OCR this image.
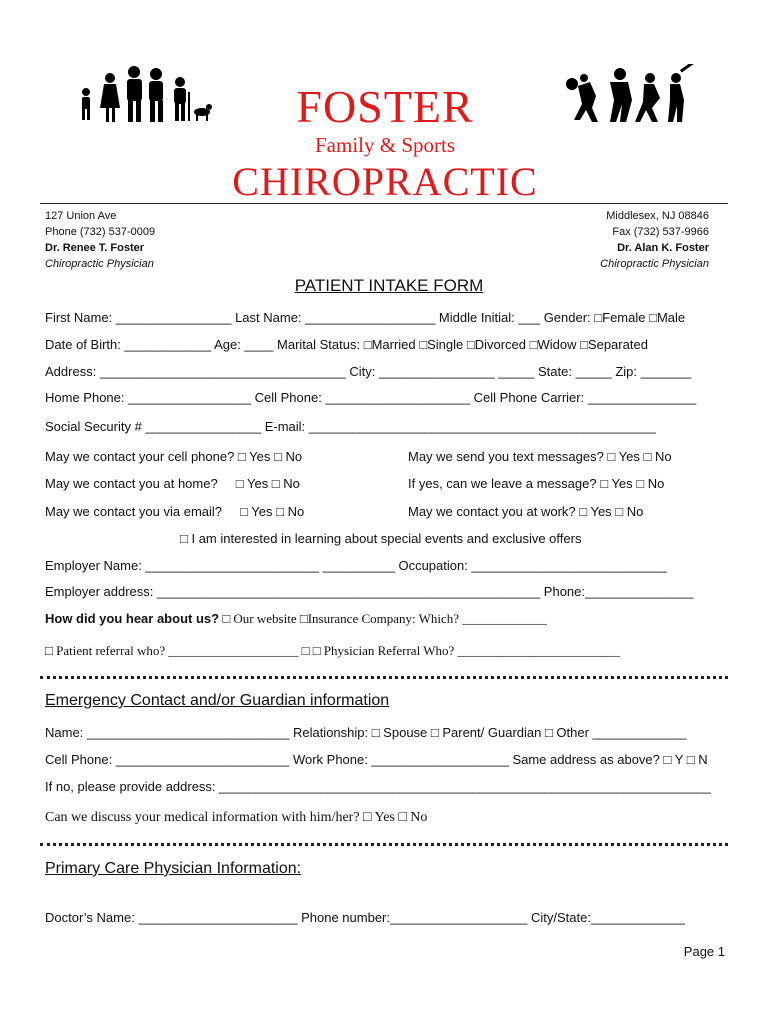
FOSTER
Family & Sports
CHIROPRACTIC
127 Union Ave
Phone (732) 537-0009
Dr. Renee T. Foster
Chiropractic Physician
Middlesex, NJ 08846
Fax (732) 537-9966
Dr. Alan K. Foster
Chiropractic Physician
PATIENT INTAKE FORM
First Name: ________________ Last Name: __________________ Middle Initial: ___ Gender: □Female □Male
Date of Birth: ____________ Age: ____ Marital Status: □Married □Single □Divorced □Widow □Separated
Address: __________________________________ City: ________________ _____ State: _____ Zip: _______
Home Phone: _________________ Cell Phone: ____________________ Cell Phone Carrier: _______________
Social Security # ________________ E-mail: ________________________________________________
May we contact your cell phone? □ Yes □ No	May we send you text messages? □ Yes □ No
May we contact you at home?     □ Yes □ No	If yes, can we leave a message? □ Yes □ No
May we contact you via email?     □ Yes □ No	May we contact you at work? □ Yes □ No
□ I am interested in learning about special events and exclusive offers
Employer Name: ________________________ __________ Occupation: ___________________________
Employer address: _____________________________________________________ Phone:_______________
How did you hear about us? □ Our website □Insurance Company: Which? _____________
□ Patient referral who? ____________________ □ □ Physician Referral Who? _________________________
Emergency Contact and/or Guardian information
Name: ____________________________ Relationship: □ Spouse □ Parent/ Guardian □ Other _____________
Cell Phone: ________________________ Work Phone: ___________________ Same address as above? □ Y □ N
If no, please provide address: ____________________________________________________________________
Can we discuss your medical information with him/her? □ Yes □ No
Primary Care Physician Information:
Doctor’s Name: ______________________ Phone number:___________________ City/State:_____________
Page 1
